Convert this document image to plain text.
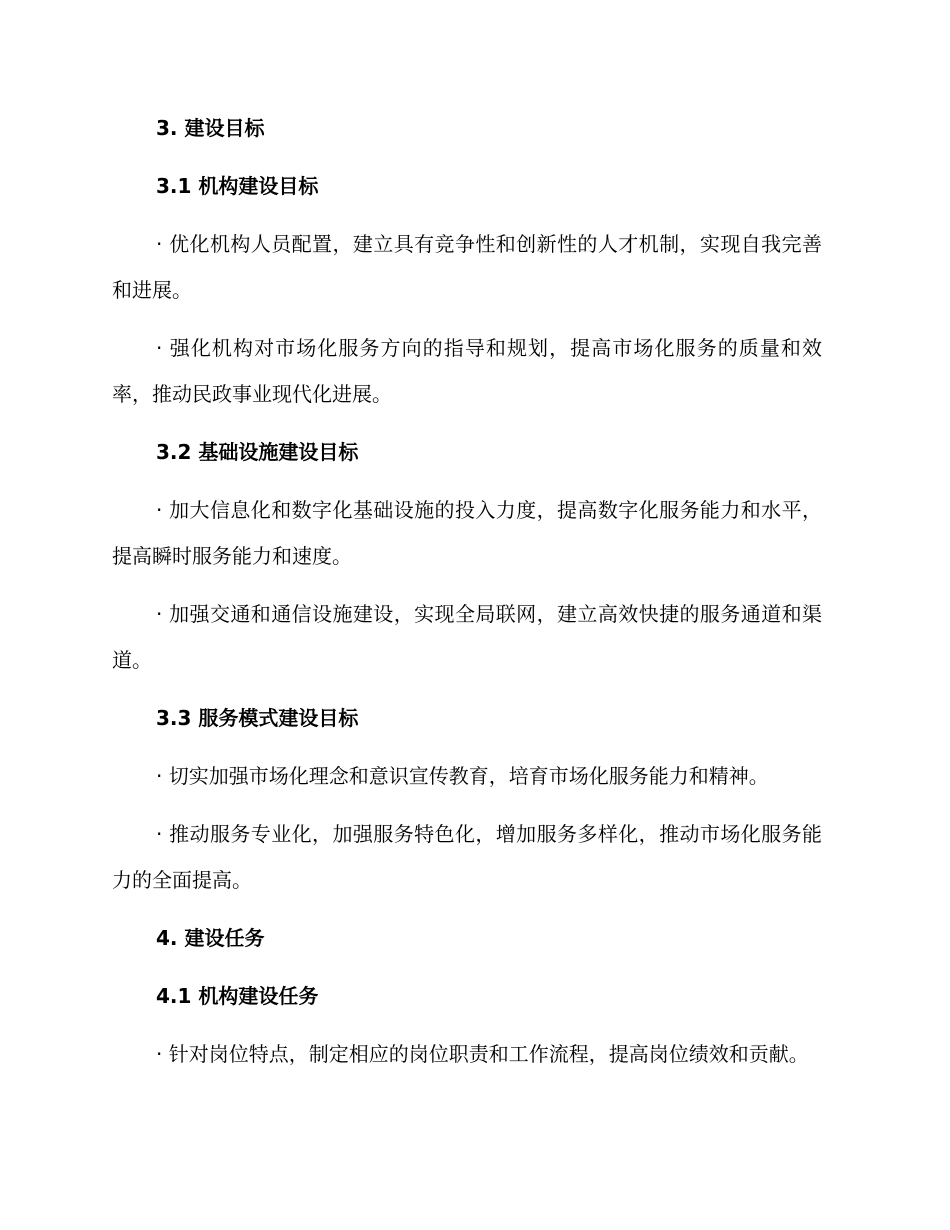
3. 建设目标
3.1 机构建设目标

· 优化机构人员配置，建立具有竞争性和创新性的人才机制，实现自我完善和进展。

· 强化机构对市场化服务方向的指导和规划，提高市场化服务的质量和效率，推动民政事业现代化进展。

3.2 基础设施建设目标

· 加大信息化和数字化基础设施的投入力度，提高数字化服务能力和水平，提高瞬时服务能力和速度。

· 加强交通和通信设施建设，实现全局联网，建立高效快捷的服务通道和渠道。

3.3 服务模式建设目标

· 切实加强市场化理念和意识宣传教育，培育市场化服务能力和精神。

· 推动服务专业化，加强服务特色化，增加服务多样化，推动市场化服务能力的全面提高。

4. 建设任务
4.1 机构建设任务

· 针对岗位特点，制定相应的岗位职责和工作流程，提高岗位绩效和贡献。
